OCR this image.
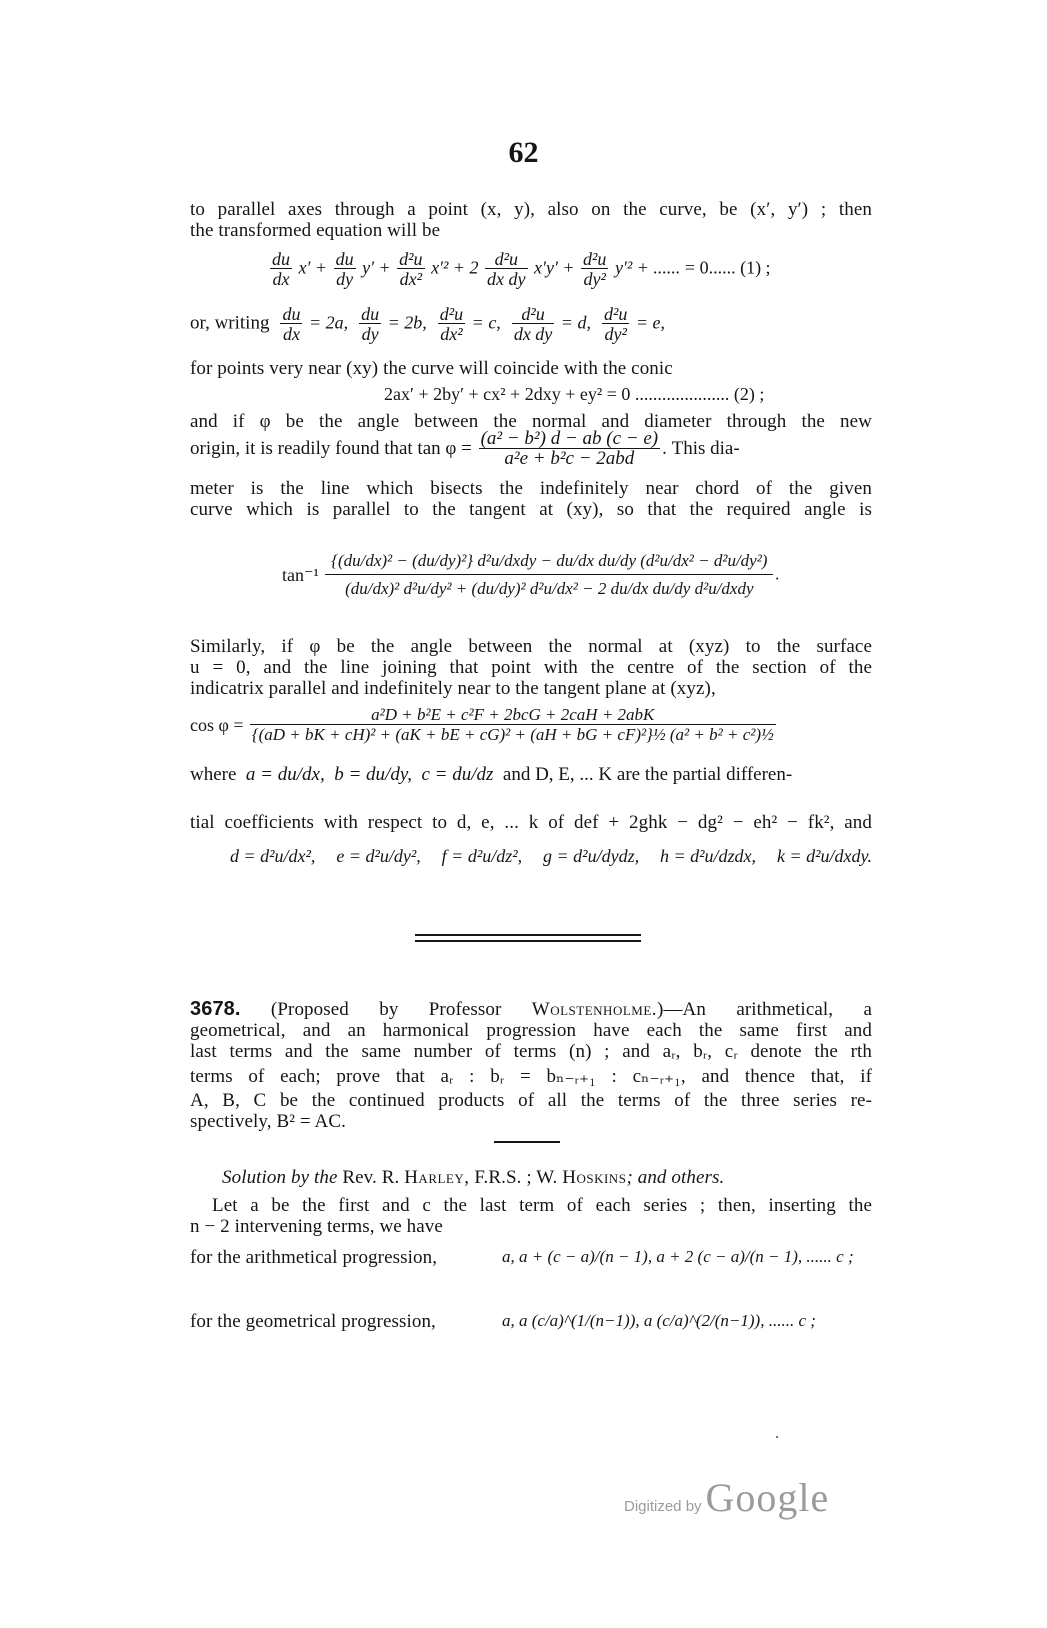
62
to parallel axes through a point (x, y), also on the curve, be (x′, y′) ; then
the transformed equation will be
$\frac{du}{dx} x' + \frac{du}{dy} y' + \frac{\text{d²u}}{\text{dx²}} x'^2 + 2 \frac{\text{d²u}}{\text{dx dy}} x'y' + \frac{\text{d²u}}{\text{dy²}} y'^2$ + ...... = 0...... (1) ;
or, writing $\frac{du}{dx} = 2a$, $\frac{du}{dy} = 2b$, $\frac{\text{d²u}}{\text{dx²}} = c$, $\frac{\text{d²u}}{\text{dx dy}} = d$, $\frac{\text{d²u}}{\text{dy²}} = e$,
for points very near (xy) the curve will coincide with the conic
2ax′ + 2by′ + cx² + 2dxy + ey² = 0 ..................... (2) ;
and if φ be the angle between the normal and diameter through the new
origin, it is readily found that $\tan \varphi = \frac{\text{(a² − b²) d − ab (c − e)}}{\text{a²e + b²c − 2abd}}$ . This dia-
meter is the line which bisects the indefinitely near chord of the given
curve which is parallel to the tangent at (xy), so that the required angle is
tan⁻¹
{(du/dx)² − (du/dy)²} d²u/dxdy − du/dx du/dy (d²u/dx² − d²u/dy²)
(du/dx)² d²u/dy² + (du/dy)² d²u/dx² − 2 du/dx du/dy d²u/dxdy
.
Similarly, if φ be the angle between the normal at (xyz) to the surface
u = 0, and the line joining that point with the centre of the section of the
indicatrix parallel and indefinitely near to the tangent plane at (xyz),
cos φ =
a²D + b²E + c²F + 2bcG + 2caH + 2abK
{(aD + bK + cH)² + (aK + bE + cG)² + (aH + bG + cF)²}½ (a² + b² + c²)½
where a = du/dx, b = du/dy, c = du/dz and D, E, ... K are the partial differen-
tial coefficients with respect to d, e, ... k of def + 2ghk − dg² − eh² − fk², and
d = d²u/dx², e = d²u/dy², f = d²u/dz², g = d²u/dydz, h = d²u/dzdx, k = d²u/dxdy.
3678. (Proposed by Professor Wolstenholme.)—An arithmetical, a
geometrical, and an harmonical progression have each the same first and
last terms and the same number of terms (n) ; and aᵣ, bᵣ, cᵣ denote the rth
terms of each; prove that aᵣ : bᵣ = bₙ₋ᵣ₊₁ : cₙ₋ᵣ₊₁, and thence that, if
A, B, C be the continued products of all the terms of the three series re-
spectively, B² = AC.
Solution by the Rev. R. Harley, F.R.S. ; W. Hoskins; and others.
Let a be the first and c the last term of each series ; then, inserting the
n − 2 intervening terms, we have
for the arithmetical progression,	a, a + (c − a)/(n − 1), a + 2 (c − a)/(n − 1), ...... c ;
for the geometrical progression,	a, a (c/a)^(1/(n−1)), a (c/a)^(2/(n−1)), ...... c ;
Digitized by Google
